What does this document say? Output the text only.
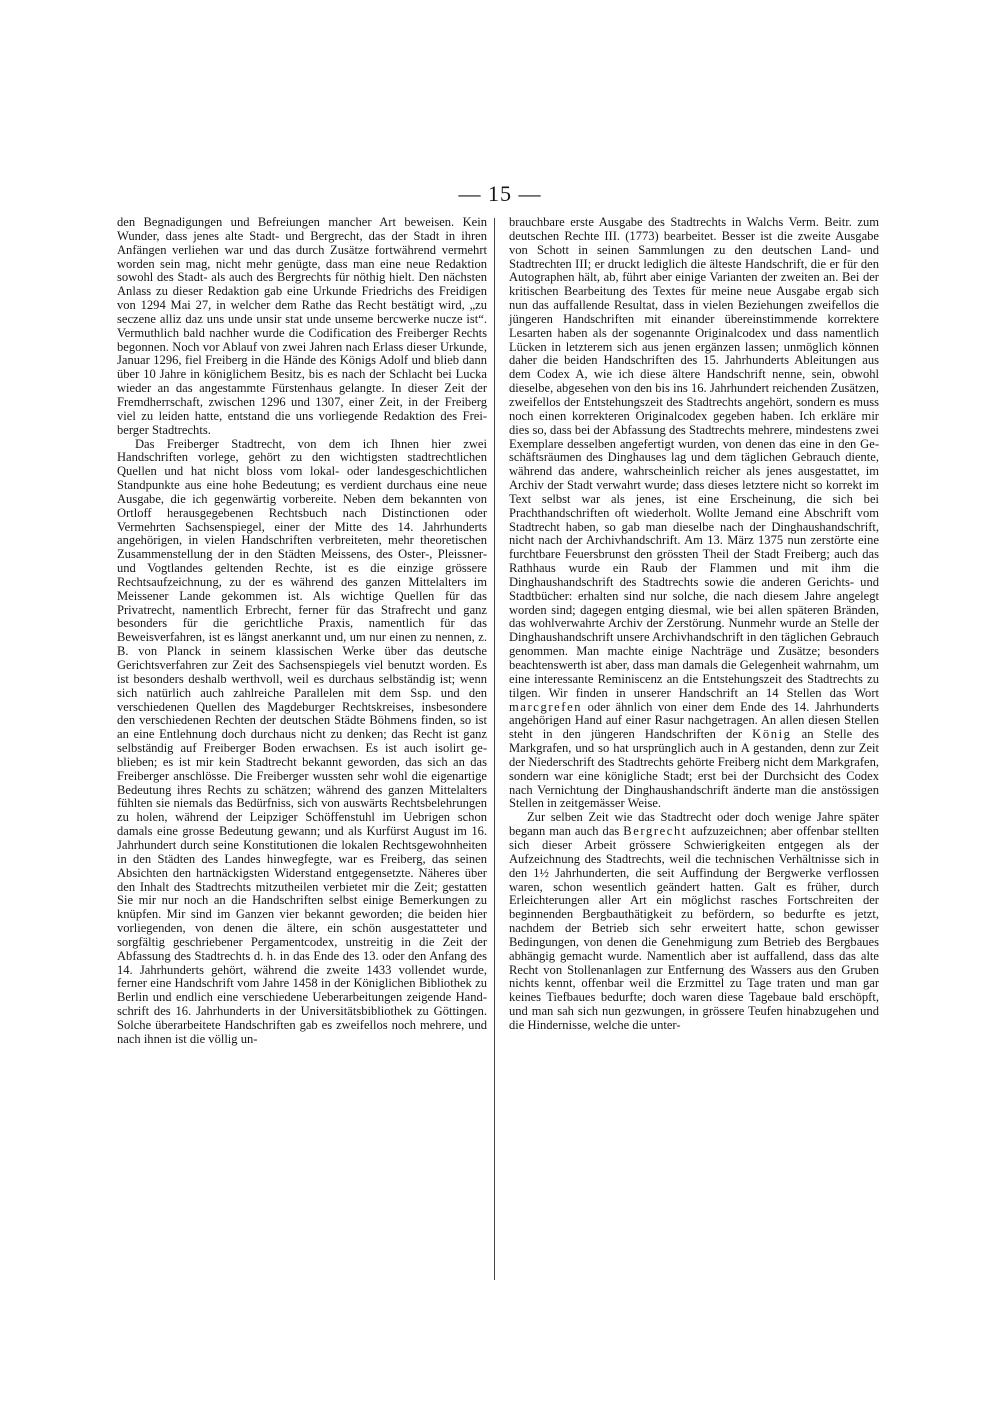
— 15 —

den Begnadigungen und Befreiungen mancher Art beweisen. Kein Wunder, dass jenes alte Stadt- und Bergrecht, das der Stadt in ihren Anfängen verliehen war und das durch Zusätze fortwährend vermehrt worden sein mag, nicht mehr genügte, dass man eine neue Redaktion sowohl des Stadt- als auch des Bergrechts für nöthig hielt. Den nächsten Anlass zu dieser Redaktion gab eine Urkunde Friedrichs des Freidigen von 1294 Mai 27, in welcher dem Rathe das Recht bestätigt wird, „zu seczene alliz daz uns unde unsir stat unde unseme bercwerke nucze ist“. Vermuthlich bald nachher wurde die Codification des Freiberger Rechts begonnen. Noch vor Ablauf von zwei Jahren nach Erlass dieser Urkunde, Januar 1296, fiel Freiberg in die Hände des Königs Adolf und blieb dann über 10 Jahre in königlichem Besitz, bis es nach der Schlacht bei Lucka wieder an das angestammte Fürstenhaus gelangte. In dieser Zeit der Fremdherrschaft, zwischen 1296 und 1307, einer Zeit, in der Freiberg viel zu leiden hatte, entstand die uns vorliegende Redaktion des Freiberger Stadtrechts.

Das Freiberger Stadtrecht, von dem ich Ihnen hier zwei Handschriften vorlege, gehört zu den wichtigsten stadtrechtlichen Quellen und hat nicht bloss vom lokal- oder landesgeschichtlichen Standpunkte aus eine hohe Bedeutung; es verdient durchaus eine neue Ausgabe, die ich gegenwärtig vorbereite. Neben dem bekannten von Ortloff herausgegebenen Rechtsbuch nach Distinctionen oder Vermehrten Sachsenspiegel, einer der Mitte des 14. Jahrhunderts angehörigen, in vielen Handschriften verbreiteten, mehr theoretischen Zusammenstellung der in den Städten Meissens, des Oster-, Pleissner- und Vogtlandes geltenden Rechte, ist es die einzige grössere Rechtsaufzeichnung, zu der es während des ganzen Mittelalters im Meissener Lande gekommen ist. Als wichtige Quellen für das Privatrecht, namentlich Erbrecht, ferner für das Strafrecht und ganz besonders für die gerichtliche Praxis, namentlich für das Beweisverfahren, ist es längst anerkannt und, um nur einen zu nennen, z. B. von Planck in seinem klassischen Werke über das deutsche Gerichtsverfahren zur Zeit des Sachsenspiegels viel benutzt worden. Es ist besonders deshalb werthvoll, weil es durchaus selbständig ist; wenn sich natürlich auch zahlreiche Parallelen mit dem Ssp. und den verschiedenen Quellen des Magdeburger Rechtskreises, insbesondere den verschiedenen Rechten der deutschen Städte Böhmens finden, so ist an eine Entlehnung doch durchaus nicht zu denken; das Recht ist ganz selbständig auf Freiberger Boden erwachsen. Es ist auch isolirt geblieben; es ist mir kein Stadtrecht bekannt geworden, das sich an das Freiberger anschlösse. Die Freiberger wussten sehr wohl die eigenartige Bedeutung ihres Rechts zu schätzen; während des ganzen Mittelalters fühlten sie niemals das Bedürfniss, sich von auswärts Rechtsbelehrungen zu holen, während der Leipziger Schöffenstuhl im Uebrigen schon damals eine grosse Bedeutung gewann; und als Kurfürst August im 16. Jahrhundert durch seine Konstitutionen die lokalen Rechtsgewohnheiten in den Städten des Landes hinwegfegte, war es Freiberg, das seinen Absichten den hartnäckigsten Widerstand entgegensetzte. Näheres über den Inhalt des Stadtrechts mitzutheilen verbietet mir die Zeit; gestatten Sie mir nur noch an die Handschriften selbst einige Bemerkungen zu knüpfen. Mir sind im Ganzen vier bekannt geworden; die beiden hier vorliegenden, von denen die ältere, ein schön ausgestatteter und sorgfältig geschriebener Pergamentcodex, unstreitig in die Zeit der Abfassung des Stadtrechts d. h. in das Ende des 13. oder den Anfang des 14. Jahrhunderts gehört, während die zweite 1433 vollendet wurde, ferner eine Handschrift vom Jahre 1458 in der Königlichen Bibliothek zu Berlin und endlich eine verschiedene Ueberarbeitungen zeigende Handschrift des 16. Jahrhunderts in der Universitätsbibliothek zu Göttingen. Solche überarbeitete Handschriften gab es zweifellos noch mehrere, und nach ihnen ist die völlig un-

brauchbare erste Ausgabe des Stadtrechts in Walchs Verm. Beitr. zum deutschen Rechte III. (1773) bearbeitet. Besser ist die zweite Ausgabe von Schott in seinen Sammlungen zu den deutschen Land- und Stadtrechten III; er druckt lediglich die älteste Handschrift, die er für den Autographen hält, ab, führt aber einige Varianten der zweiten an. Bei der kritischen Bearbeitung des Textes für meine neue Ausgabe ergab sich nun das auffallende Resultat, dass in vielen Beziehungen zweifellos die jüngeren Handschriften mit einander übereinstimmende korrektere Lesarten haben als der sogenannte Originalcodex und dass namentlich Lücken in letzterem sich aus jenen ergänzen lassen; unmöglich können daher die beiden Handschriften des 15. Jahrhunderts Ableitungen aus dem Codex A, wie ich diese ältere Handschrift nenne, sein, obwohl dieselbe, abgesehen von den bis ins 16. Jahrhundert reichenden Zusätzen, zweifellos der Entstehungszeit des Stadtrechts angehört, sondern es muss noch einen korrekteren Originalcodex gegeben haben. Ich erkläre mir dies so, dass bei der Abfassung des Stadtrechts mehrere, mindestens zwei Exemplare desselben angefertigt wurden, von denen das eine in den Geschäftsräumen des Dinghauses lag und dem täglichen Gebrauch diente, während das andere, wahrscheinlich reicher als jenes ausgestattet, im Archiv der Stadt verwahrt wurde; dass dieses letztere nicht so korrekt im Text selbst war als jenes, ist eine Erscheinung, die sich bei Prachthandschriften oft wiederholt. Wollte Jemand eine Abschrift vom Stadtrecht haben, so gab man dieselbe nach der Dinghaushandschrift, nicht nach der Archivhandschrift. Am 13. März 1375 nun zerstörte eine furchtbare Feuersbrunst den grössten Theil der Stadt Freiberg; auch das Rathhaus wurde ein Raub der Flammen und mit ihm die Dinghaushandschrift des Stadtrechts sowie die anderen Gerichts- und Stadtbücher: erhalten sind nur solche, die nach diesem Jahre angelegt worden sind; dagegen entging diesmal, wie bei allen späteren Bränden, das wohlverwahrte Archiv der Zerstörung. Nunmehr wurde an Stelle der Dinghaushandschrift unsere Archivhandschrift in den täglichen Gebrauch genommen. Man machte einige Nachträge und Zusätze; besonders beachtenswerth ist aber, dass man damals die Gelegenheit wahrnahm, um eine interessante Reminiscenz an die Entstehungszeit des Stadtrechts zu tilgen. Wir finden in unserer Handschrift an 14 Stellen das Wort marcgrefen oder ähnlich von einer dem Ende des 14. Jahrhunderts angehörigen Hand auf einer Rasur nachgetragen. An allen diesen Stellen steht in den jüngeren Handschriften der König an Stelle des Markgrafen, und so hat ursprünglich auch in A gestanden, denn zur Zeit der Niederschrift des Stadtrechts gehörte Freiberg nicht dem Markgrafen, sondern war eine königliche Stadt; erst bei der Durchsicht des Codex nach Vernichtung der Dinghaushandschrift änderte man die anstössigen Stellen in zeitgemässer Weise.

Zur selben Zeit wie das Stadtrecht oder doch wenige Jahre später begann man auch das Bergrecht aufzuzeichnen; aber offenbar stellten sich dieser Arbeit grössere Schwierigkeiten entgegen als der Aufzeichnung des Stadtrechts, weil die technischen Verhältnisse sich in den 1½ Jahrhunderten, die seit Auffindung der Bergwerke verflossen waren, schon wesentlich geändert hatten. Galt es früher, durch Erleichterungen aller Art ein möglichst rasches Fortschreiten der beginnenden Bergbauthätigkeit zu befördern, so bedurfte es jetzt, nachdem der Betrieb sich sehr erweitert hatte, schon gewisser Bedingungen, von denen die Genehmigung zum Betrieb des Bergbaues abhängig gemacht wurde. Namentlich aber ist auffallend, dass das alte Recht von Stollenanlagen zur Entfernung des Wassers aus den Gruben nichts kennt, offenbar weil die Erzmittel zu Tage traten und man gar keines Tiefbaues bedurfte; doch waren diese Tagebaue bald erschöpft, und man sah sich nun gezwungen, in grössere Teufen hinabzugehen und die Hindernisse, welche die unter-
